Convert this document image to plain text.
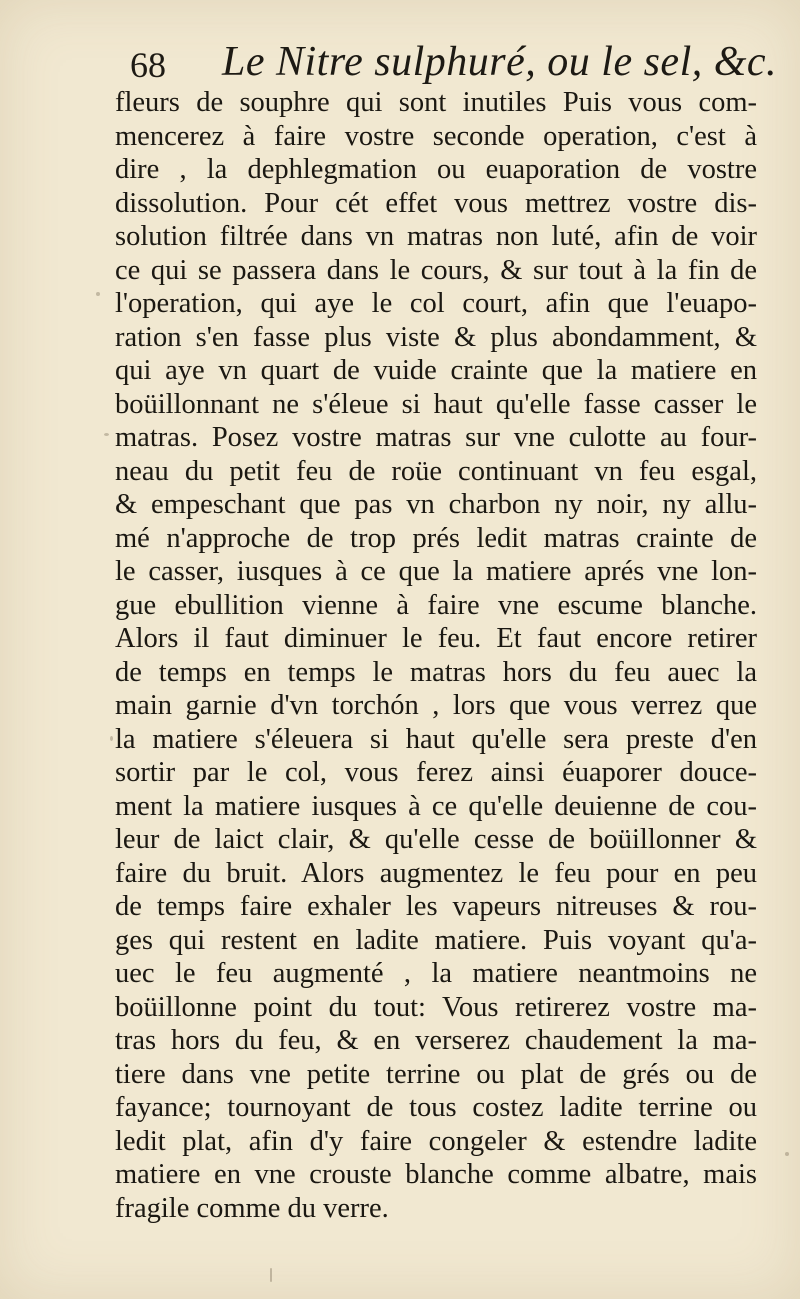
68 Le Nitre sulphuré, ou le sel, &c.
fleurs de souphre qui sont inutiles Puis vous com-
mencerez à faire vostre seconde operation, c'est à
dire , la dephlegmation ou euaporation de vostre
dissolution. Pour cét effet vous mettrez vostre dis-
solution filtrée dans vn matras non luté, afin de voir
ce qui se passera dans le cours, & sur tout à la fin de
l'operation, qui aye le col court, afin que l'euapo-
ration s'en fasse plus viste & plus abondamment, &
qui aye vn quart de vuide crainte que la matiere en
boüillonnant ne s'éleue si haut qu'elle fasse casser le
matras. Posez vostre matras sur vne culotte au four-
neau du petit feu de roüe continuant vn feu esgal,
& empeschant que pas vn charbon ny noir, ny allu-
mé n'approche de trop prés ledit matras crainte de
le casser, iusques à ce que la matiere aprés vne lon-
gue ebullition vienne à faire vne escume blanche.
Alors il faut diminuer le feu. Et faut encore retirer
de temps en temps le matras hors du feu auec la
main garnie d'vn torchón , lors que vous verrez que
la matiere s'éleuera si haut qu'elle sera preste d'en
sortir par le col, vous ferez ainsi éuaporer douce-
ment la matiere iusques à ce qu'elle deuienne de cou-
leur de laict clair, & qu'elle cesse de boüillonner &
faire du bruit. Alors augmentez le feu pour en peu
de temps faire exhaler les vapeurs nitreuses & rou-
ges qui restent en ladite matiere. Puis voyant qu'a-
uec le feu augmenté , la matiere neantmoins ne
boüillonne point du tout: Vous retirerez vostre ma-
tras hors du feu, & en verserez chaudement la ma-
tiere dans vne petite terrine ou plat de grés ou de
fayance; tournoyant de tous costez ladite terrine ou
ledit plat, afin d'y faire congeler & estendre ladite
matiere en vne crouste blanche comme albatre, mais
fragile comme du verre.
